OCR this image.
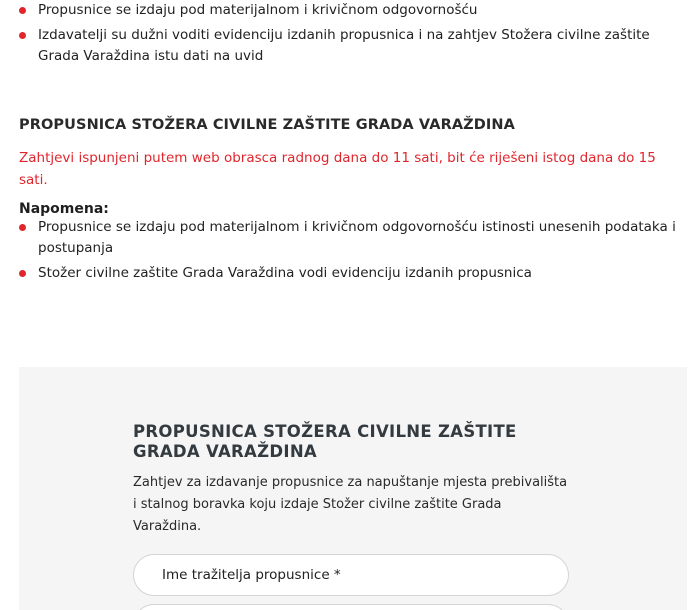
Propusnice se izdaju pod materijalnom i krivičnom odgovornošću
Izdavatelji su dužni voditi evidenciju izdanih propusnica i na zahtjev Stožera civilne zaštite Grada Varaždina istu dati na uvid
PROPUSNICA STOŽERA CIVILNE ZAŠTITE GRADA VARAŽDINA
Zahtjevi ispunjeni putem web obrasca radnog dana do 11 sati, bit će riješeni istog dana do 15 sati.
Napomena:
Propusnice se izdaju pod materijalnom i krivičnom odgovornošću istinosti unesenih podataka i postupanja
Stožer civilne zaštite Grada Varaždina vodi evidenciju izdanih propusnica
PROPUSNICA STOŽERA CIVILNE ZAŠTITE GRADA VARAŽDINA
Zahtjev za izdavanje propusnice za napuštanje mjesta prebivališta i stalnog boravka koju izdaje Stožer civilne zaštite Grada Varaždina.
Ime tražitelja propusnice *
